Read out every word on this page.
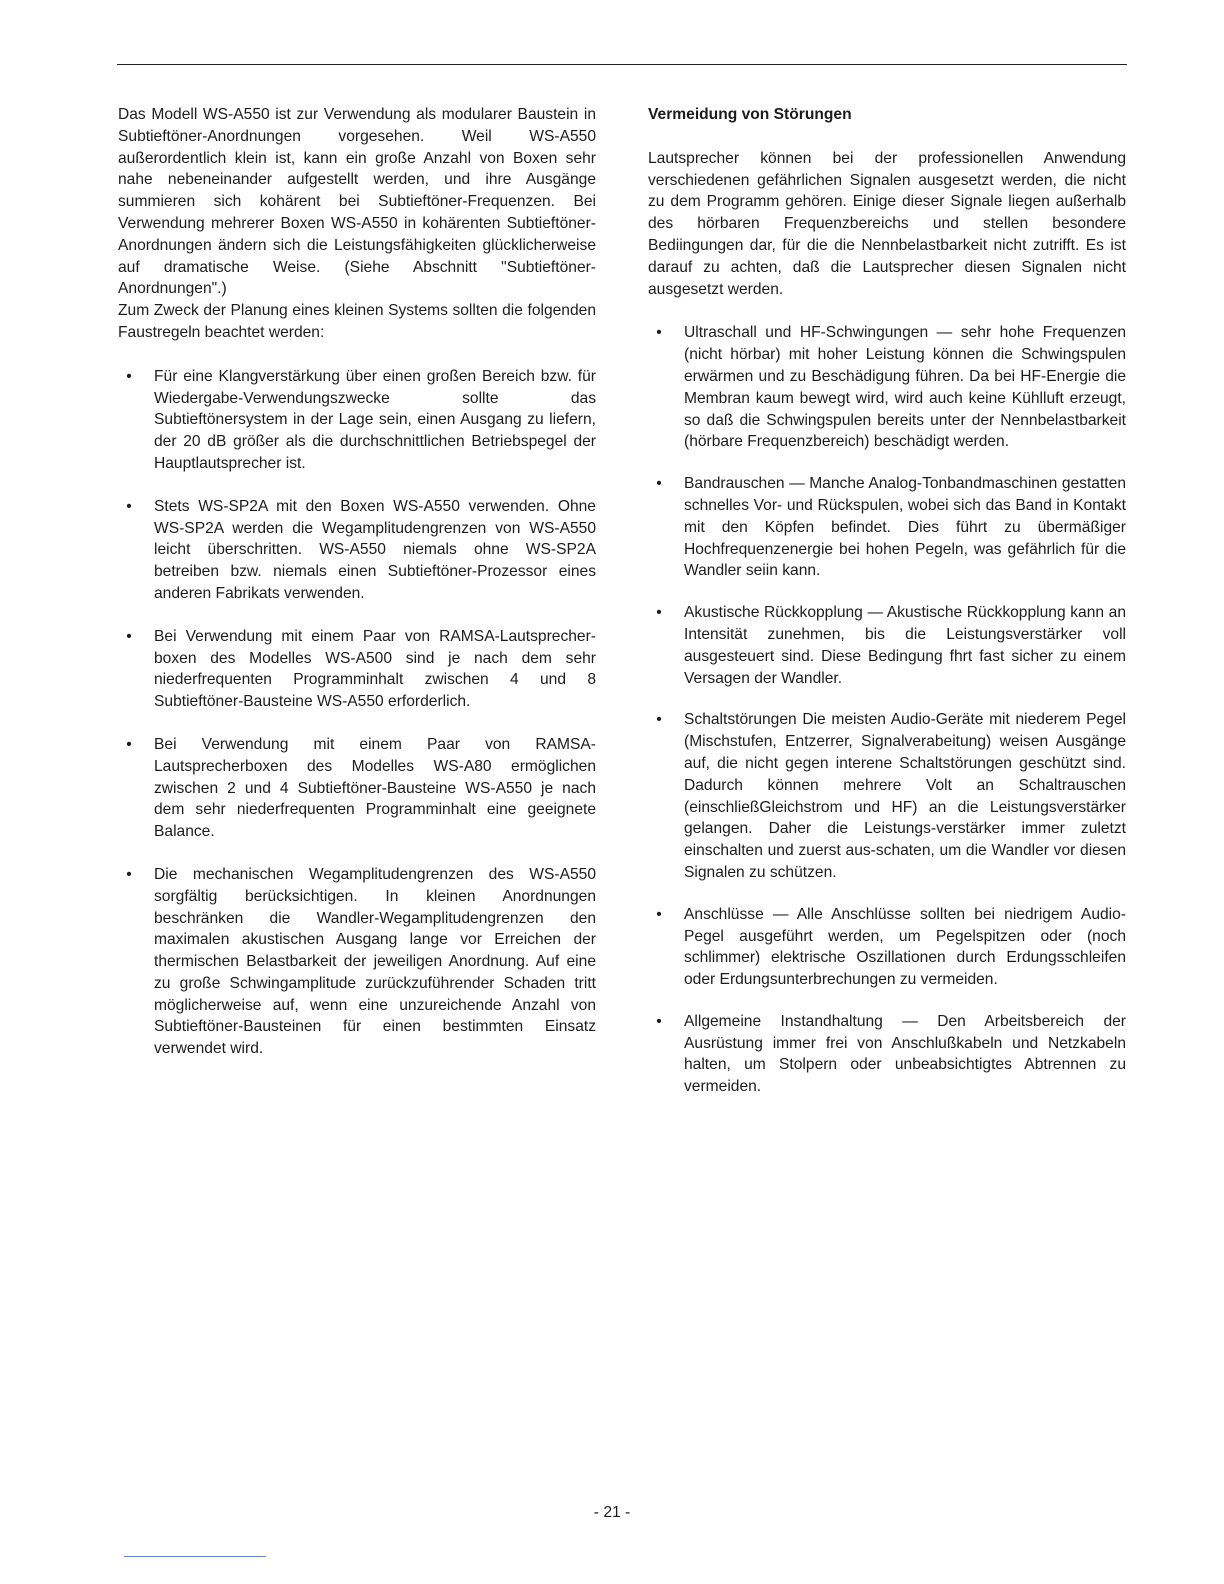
Das Modell WS-A550 ist zur Verwendung als modularer Baustein in Subtieftöner-Anordnungen vorgesehen. Weil WS-A550 außerordentlich klein ist, kann ein große Anzahl von Boxen sehr nahe nebeneinander aufgestellt werden, und ihre Ausgänge summieren sich kohärent bei Subtieftöner-Frequenzen. Bei Verwendung mehrerer Boxen WS-A550 in kohärenten Subtieftöner-Anordnungen ändern sich die Leistungsfähigkeiten glücklicherweise auf dramatische Weise. (Siehe Abschnitt "Subtieftöner-Anordnungen".)

Zum Zweck der Planung eines kleinen Systems sollten die folgenden Faustregeln beachtet werden:

• Für eine Klangverstärkung über einen großen Bereich bzw. für Wiedergabe-Verwendungszwecke sollte das Subtieftönersystem in der Lage sein, einen Ausgang zu liefern, der 20 dB größer als die durchschnittlichen Betriebspegel der Hauptlautsprecher ist.
• Stets WS-SP2A mit den Boxen WS-A550 verwenden. Ohne WS-SP2A werden die Wegamplitudengrenzen von WS-A550 leicht überschritten. WS-A550 niemals ohne WS-SP2A betreiben bzw. niemals einen Subtieftöner-Prozessor eines anderen Fabrikats verwenden.
• Bei Verwendung mit einem Paar von RAMSA-Lautsprecher- boxen des Modelles WS-A500 sind je nach dem sehr niederfrequenten Programminhalt zwischen 4 und 8 Subtieftöner-Bausteine WS-A550 erforderlich.
• Bei Verwendung mit einem Paar von RAMSA-Lautsprecherboxen des Modelles WS-A80 ermöglichen zwischen 2 und 4 Subtieftöner-Bausteine WS-A550 je nach dem sehr niederfrequenten Programminhalt eine geeignete Balance.
• Die mechanischen Wegamplitudengrenzen des WS-A550 sorgfältig berücksichtigen. In kleinen Anordnungen beschränken die Wandler-Wegamplitudengrenzen den maximalen akustischen Ausgang lange vor Erreichen der thermischen Belastbarkeit der jeweiligen Anordnung. Auf eine zu große Schwingamplitude zurückzuführender Schaden tritt möglicherweise auf, wenn eine unzureichende Anzahl von Subtieftöner-Bausteinen für einen bestimmten Einsatz verwendet wird.

Vermeidung von Störungen

Lautsprecher können bei der professionellen Anwendung verschiedenen gefährlichen Signalen ausgesetzt werden, die nicht zu dem Programm gehören. Einige dieser Signale liegen außerhalb des hörbaren Frequenzbereichs und stellen besondere Bediingungen dar, für die die Nennbelastbarkeit nicht zutrifft. Es ist darauf zu achten, daß die Lautsprecher diesen Signalen nicht ausgesetzt werden.

• Ultraschall und HF-Schwingungen — sehr hohe Frequenzen (nicht hörbar) mit hoher Leistung können die Schwingspulen erwärmen und zu Beschädigung führen. Da bei HF-Energie die Membran kaum bewegt wird, wird auch keine Kühlluft erzeugt, so daß die Schwingspulen bereits unter der Nennbelastbarkeit (hörbare Frequenzbereich) beschädigt werden.
• Bandrauschen — Manche Analog-Tonbandmaschinen gestatten schnelles Vor- und Rückspulen, wobei sich das Band in Kontakt mit den Köpfen befindet. Dies führt zu übermäßiger Hochfrequenzenergie bei hohen Pegeln, was gefährlich für die Wandler seiin kann.
• Akustische Rückkopplung — Akustische Rückkopplung kann an Intensität zunehmen, bis die Leistungsverstärker voll ausgesteuert sind. Diese Bedingung fhrt fast sicher zu einem Versagen der Wandler.
• Schaltstörungen Die meisten Audio-Geräte mit niederem Pegel (Mischstufen, Entzerrer, Signalverabeitung) weisen Ausgänge auf, die nicht gegen interene Schaltstörungen geschützt sind. Dadurch können mehrere Volt an Schaltrauschen (einschließGleichstrom und HF) an die Leistungsverstärker gelangen. Daher die Leistungs-verstärker immer zuletzt einschalten und zuerst aus-schaten, um die Wandler vor diesen Signalen zu schützen.
• Anschlüsse — Alle Anschlüsse sollten bei niedrigem Audio-Pegel ausgeführt werden, um Pegelspitzen oder (noch schlimmer) elektrische Oszillationen durch Erdungsschleifen oder Erdungsunterbrechungen zu vermeiden.
• Allgemeine Instandhaltung — Den Arbeitsbereich der Ausrüstung immer frei von Anschlußkabeln und Netzkabeln halten, um Stolpern oder unbeabsichtigtes Abtrennen zu vermeiden.
- 21 -
